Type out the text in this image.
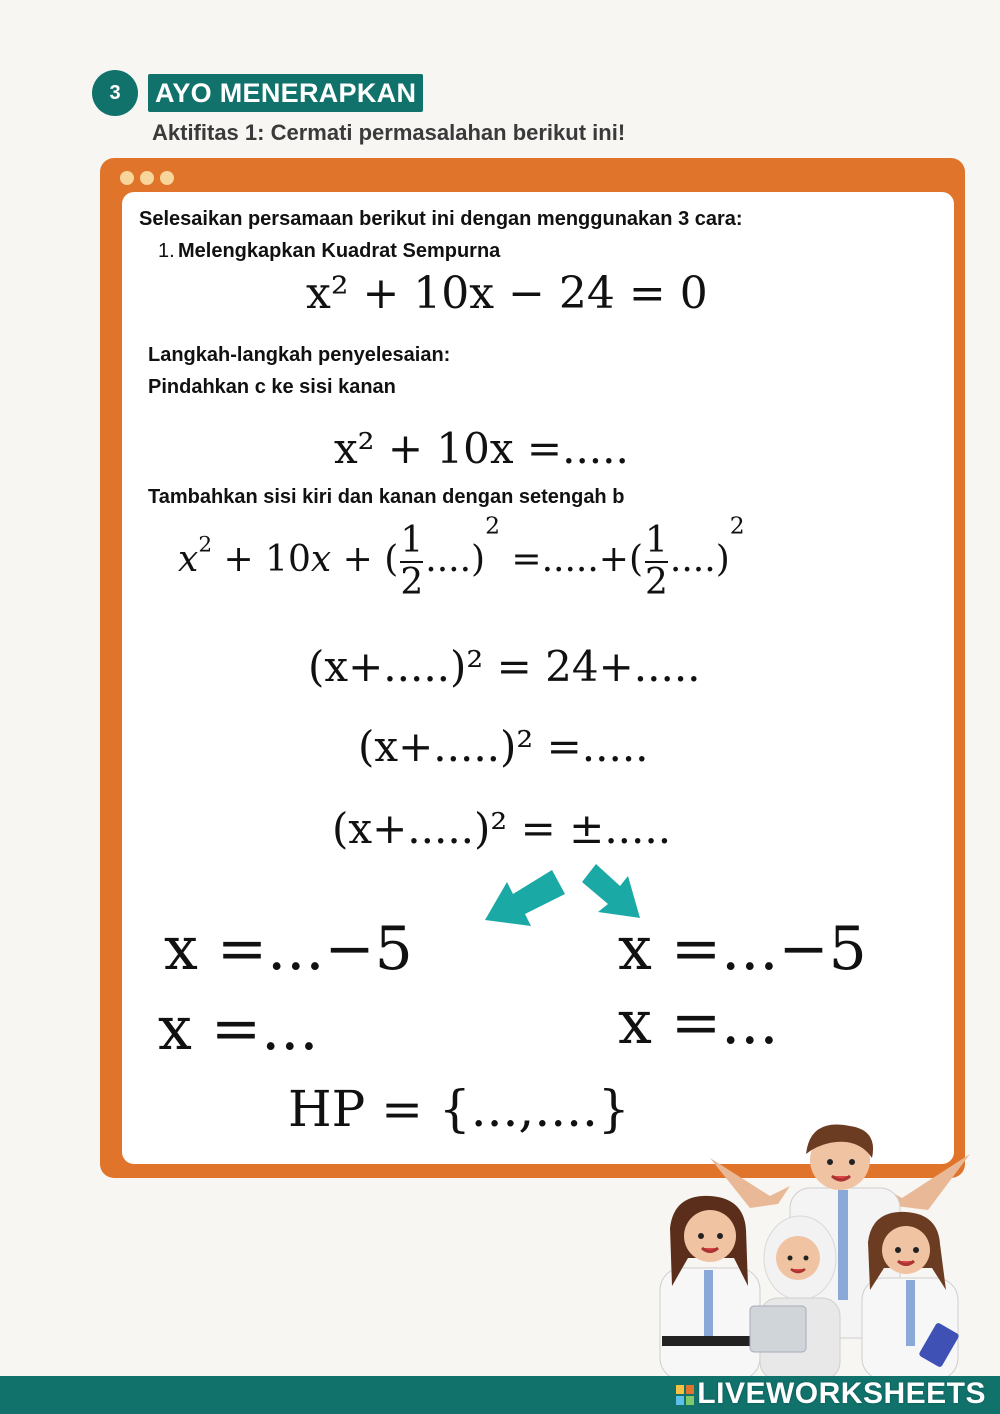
3 AYO MENERAPKAN
Aktifitas 1: Cermati permasalahan berikut ini!
Selesaikan persamaan berikut ini dengan menggunakan 3 cara:
1. Melengkapkan Kuadrat Sempurna
x² + 10x − 24 = 0
Langkah-langkah penyelesaian:
Pindahkan c ke sisi kanan
x² + 10x =.....
Tambahkan sisi kiri dan kanan dengan setengah b
$x^2 + 10x$ + ( $\frac{1}{2} ....)^2$ =.....+( $\frac{1}{2} ....)^2$
(x+.....)² = 24+.....
(x+.....)² =.....
(x+.....)² = ±.....
x =...−5
x =...
x =...−5
x =...
HP = {...,....}
LIVEWORKSHEETS
